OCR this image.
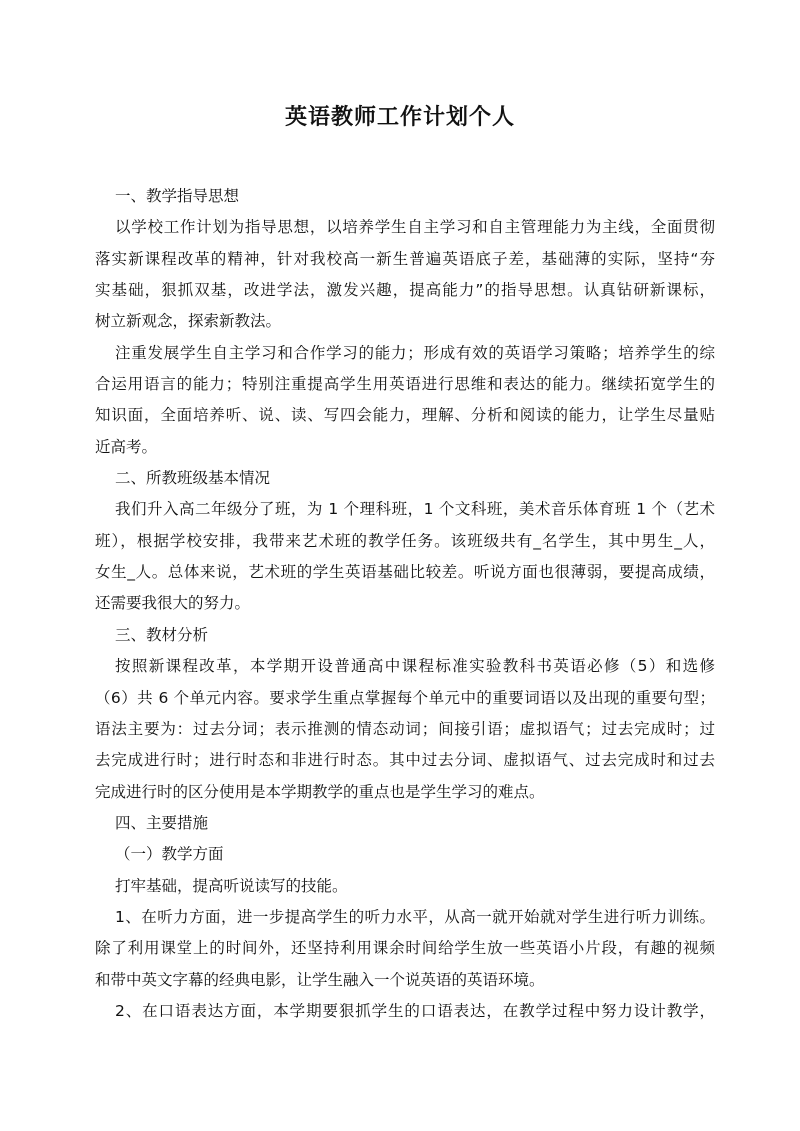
英语教师工作计划个人
一、教学指导思想
以学校工作计划为指导思想，以培养学生自主学习和自主管理能力为主线，全面贯彻
落实新课程改革的精神，针对我校高一新生普遍英语底子差，基础薄的实际，坚持“夯
实基础，狠抓双基，改进学法，激发兴趣，提高能力”的指导思想。认真钻研新课标，
树立新观念，探索新教法。
注重发展学生自主学习和合作学习的能力；形成有效的英语学习策略；培养学生的综
合运用语言的能力；特别注重提高学生用英语进行思维和表达的能力。继续拓宽学生的
知识面，全面培养听、说、读、写四会能力，理解、分析和阅读的能力，让学生尽量贴
近高考。
二、所教班级基本情况
我们升入高二年级分了班，为 1 个理科班，1 个文科班，美术音乐体育班 1 个（艺术
班），根据学校安排，我带来艺术班的教学任务。该班级共有_名学生，其中男生_人，
女生_人。总体来说，艺术班的学生英语基础比较差。听说方面也很薄弱，要提高成绩，
还需要我很大的努力。
三、教材分析
按照新课程改革，本学期开设普通高中课程标准实验教科书英语必修（5）和选修
（6）共 6 个单元内容。要求学生重点掌握每个单元中的重要词语以及出现的重要句型；
语法主要为：过去分词；表示推测的情态动词；间接引语；虚拟语气；过去完成时；过
去完成进行时；进行时态和非进行时态。其中过去分词、虚拟语气、过去完成时和过去
完成进行时的区分使用是本学期教学的重点也是学生学习的难点。
四、主要措施
（一）教学方面
打牢基础，提高听说读写的技能。
1、在听力方面，进一步提高学生的听力水平，从高一就开始就对学生进行听力训练。
除了利用课堂上的时间外，还坚持利用课余时间给学生放一些英语小片段，有趣的视频
和带中英文字幕的经典电影，让学生融入一个说英语的英语环境。
2、在口语表达方面，本学期要狠抓学生的口语表达，在教学过程中努力设计教学，
